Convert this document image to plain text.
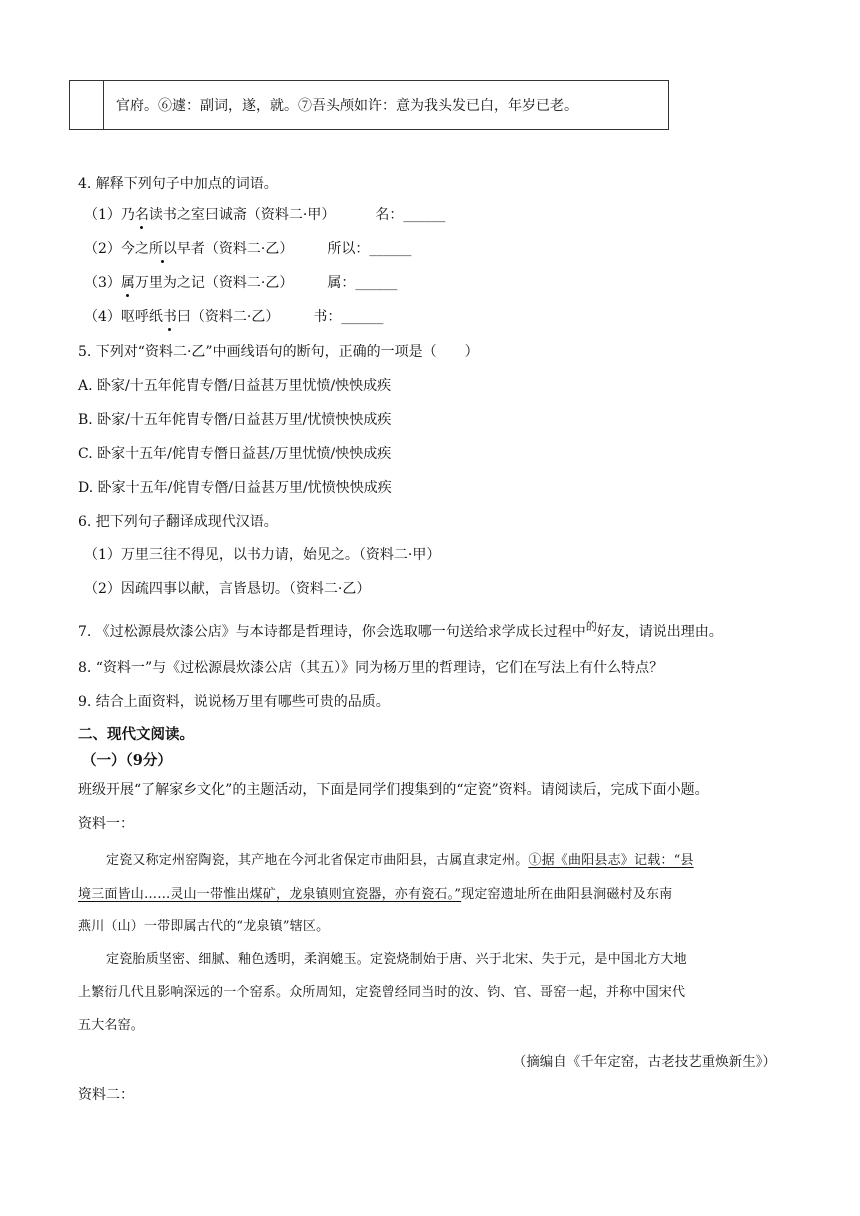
官府。⑥遽：副词，遂，就。⑦吾头颅如许：意为我头发已白，年岁已老。
4. 解释下列句子中加点的词语。
（1）乃名读书之室曰诚斋（资料二·甲）	名：______
（2）今之所以早者（资料二·乙） 所以：______
（3）属万里为之记（资料二·乙） 属：______
（4）呕呼纸书曰（资料二·乙） 书：______
5. 下列对“资料二·乙”中画线语句的断句，正确的一项是（　　）
A. 卧家/十五年侂胄专僭/日益甚万里忧愤/怏怏成疾
B. 卧家/十五年侂胄专僭/日益甚万里/忧愤怏怏成疾
C. 卧家十五年/侂胄专僭日益甚/万里忧愤/怏怏成疾
D. 卧家十五年/侂胄专僭/日益甚万里/忧愤怏怏成疾
6. 把下列句子翻译成现代汉语。
（1）万里三往不得见，以书力请，始见之。（资料二·甲）
（2）因疏四事以献，言皆恳切。（资料二·乙）
7. 《过松源晨炊漆公店》与本诗都是哲理诗，你会选取哪一句送给求学成长过程中$^的$好友，请说出理由。
8. “资料一”与《过松源晨炊漆公店（其五）》同为杨万里的哲理诗，它们在写法上有什么特点？
9. 结合上面资料，说说杨万里有哪些可贵的品质。
二、现代文阅读。
（一）（9分）
班级开展“了解家乡文化”的主题活动，下面是同学们搜集到的“定瓷”资料。请阅读后，完成下面小题。
资料一：
定瓷又称定州窑陶瓷，其产地在今河北省保定市曲阳县，古属直隶定州。①据《曲阳县志》记载：“县
境三面皆山……灵山一带惟出煤矿，龙泉镇则宜瓷器，亦有瓷石。”现定窑遗址所在曲阳县涧磁村及东南
燕川（山）一带即属古代的“龙泉镇”辖区。
定瓷胎质坚密、细腻、釉色透明，柔润媲玉。定瓷烧制始于唐、兴于北宋、失于元，是中国北方大地
上繁衍几代且影响深远的一个窑系。众所周知，定瓷曾经同当时的汝、钧、官、哥窑一起，并称中国宋代
五大名窑。
（摘编自《千年定窑，古老技艺重焕新生》）
资料二：
